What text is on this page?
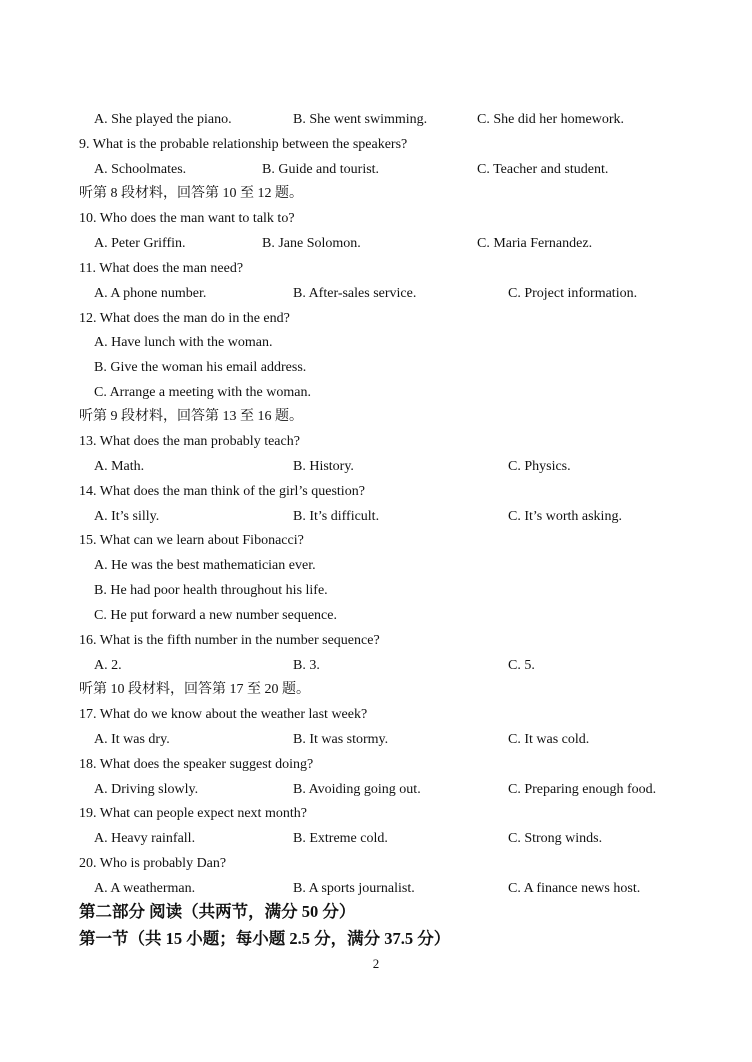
A. She played the piano.	B. She went swimming.	C. She did her homework.
9. What is the probable relationship between the speakers?
A. Schoolmates.	B. Guide and tourist.	C. Teacher and student.
听第 8 段材料，回答第 10 至 12 题。
10. Who does the man want to talk to?
A. Peter Griffin.	B. Jane Solomon.	C. Maria Fernandez.
11. What does the man need?
A. A phone number.	B. After-sales service.	C. Project information.
12. What does the man do in the end?
A. Have lunch with the woman.
B. Give the woman his email address.
C. Arrange a meeting with the woman.
听第 9 段材料，回答第 13 至 16 题。
13. What does the man probably teach?
A. Math.	B. History.	C. Physics.
14. What does the man think of the girl’s question?
A. It’s silly.	B. It’s difficult.	C. It’s worth asking.
15. What can we learn about Fibonacci?
A. He was the best mathematician ever.
B. He had poor health throughout his life.
C. He put forward a new number sequence.
16. What is the fifth number in the number sequence?
A. 2.	B. 3.	C. 5.
听第 10 段材料，回答第 17 至 20 题。
17. What do we know about the weather last week?
A. It was dry.	B. It was stormy.	C. It was cold.
18. What does the speaker suggest doing?
A. Driving slowly.	B. Avoiding going out.	C. Preparing enough food.
19. What can people expect next month?
A. Heavy rainfall.	B. Extreme cold.	C. Strong winds.
20. Who is probably Dan?
A. A weatherman.	B. A sports journalist.	C. A finance news host.
第二部分 阅读（共两节，满分 50 分）
第一节（共 15 小题；每小题 2.5 分，满分 37.5 分）
2
